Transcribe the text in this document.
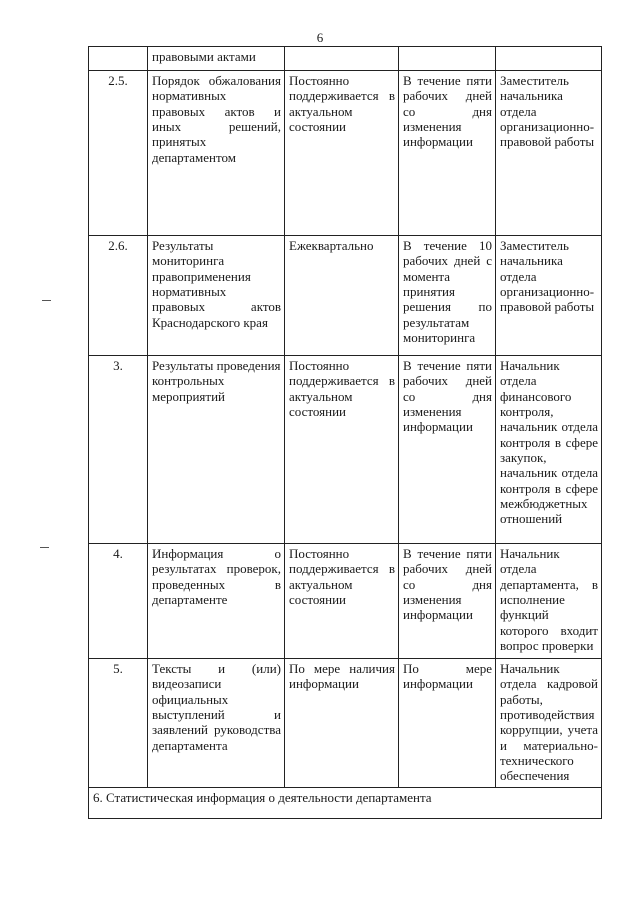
6
	правовыми актами			
2.5.	Порядок обжалования нормативных правовых актов и иных решений, принятых департаментом	Постоянно поддерживается в актуальном состоянии	В течение пяти рабочих дней со дня изменения информации	Заместитель начальника отдела организационно-правовой работы
2.6.	Результаты мониторинга правоприменения нормативных правовых актов Краснодарского края	Ежеквартально	В течение 10 рабочих дней с момента принятия решения по результатам мониторинга	Заместитель начальника отдела организационно-правовой работы
3.	Результаты проведения контрольных мероприятий	Постоянно поддерживается в актуальном состоянии	В течение пяти рабочих дней со дня изменения информации	Начальник отдела финансового контроля, начальник отдела контроля в сфере закупок, начальник отдела контроля в сфере межбюджетных отношений
4.	Информация о результатах проверок, проведенных в департаменте	Постоянно поддерживается в актуальном состоянии	В течение пяти рабочих дней со дня изменения информации	Начальник отдела департамента, в исполнение функций которого входит вопрос проверки
5.	Тексты и (или) видеозаписи официальных выступлений и заявлений руководства департамента	По мере наличия информации	По мере информации	Начальник отдела кадровой работы, противодействия коррупции, учета и материально-технического обеспечения
6. Статистическая информация о деятельности департамента				
